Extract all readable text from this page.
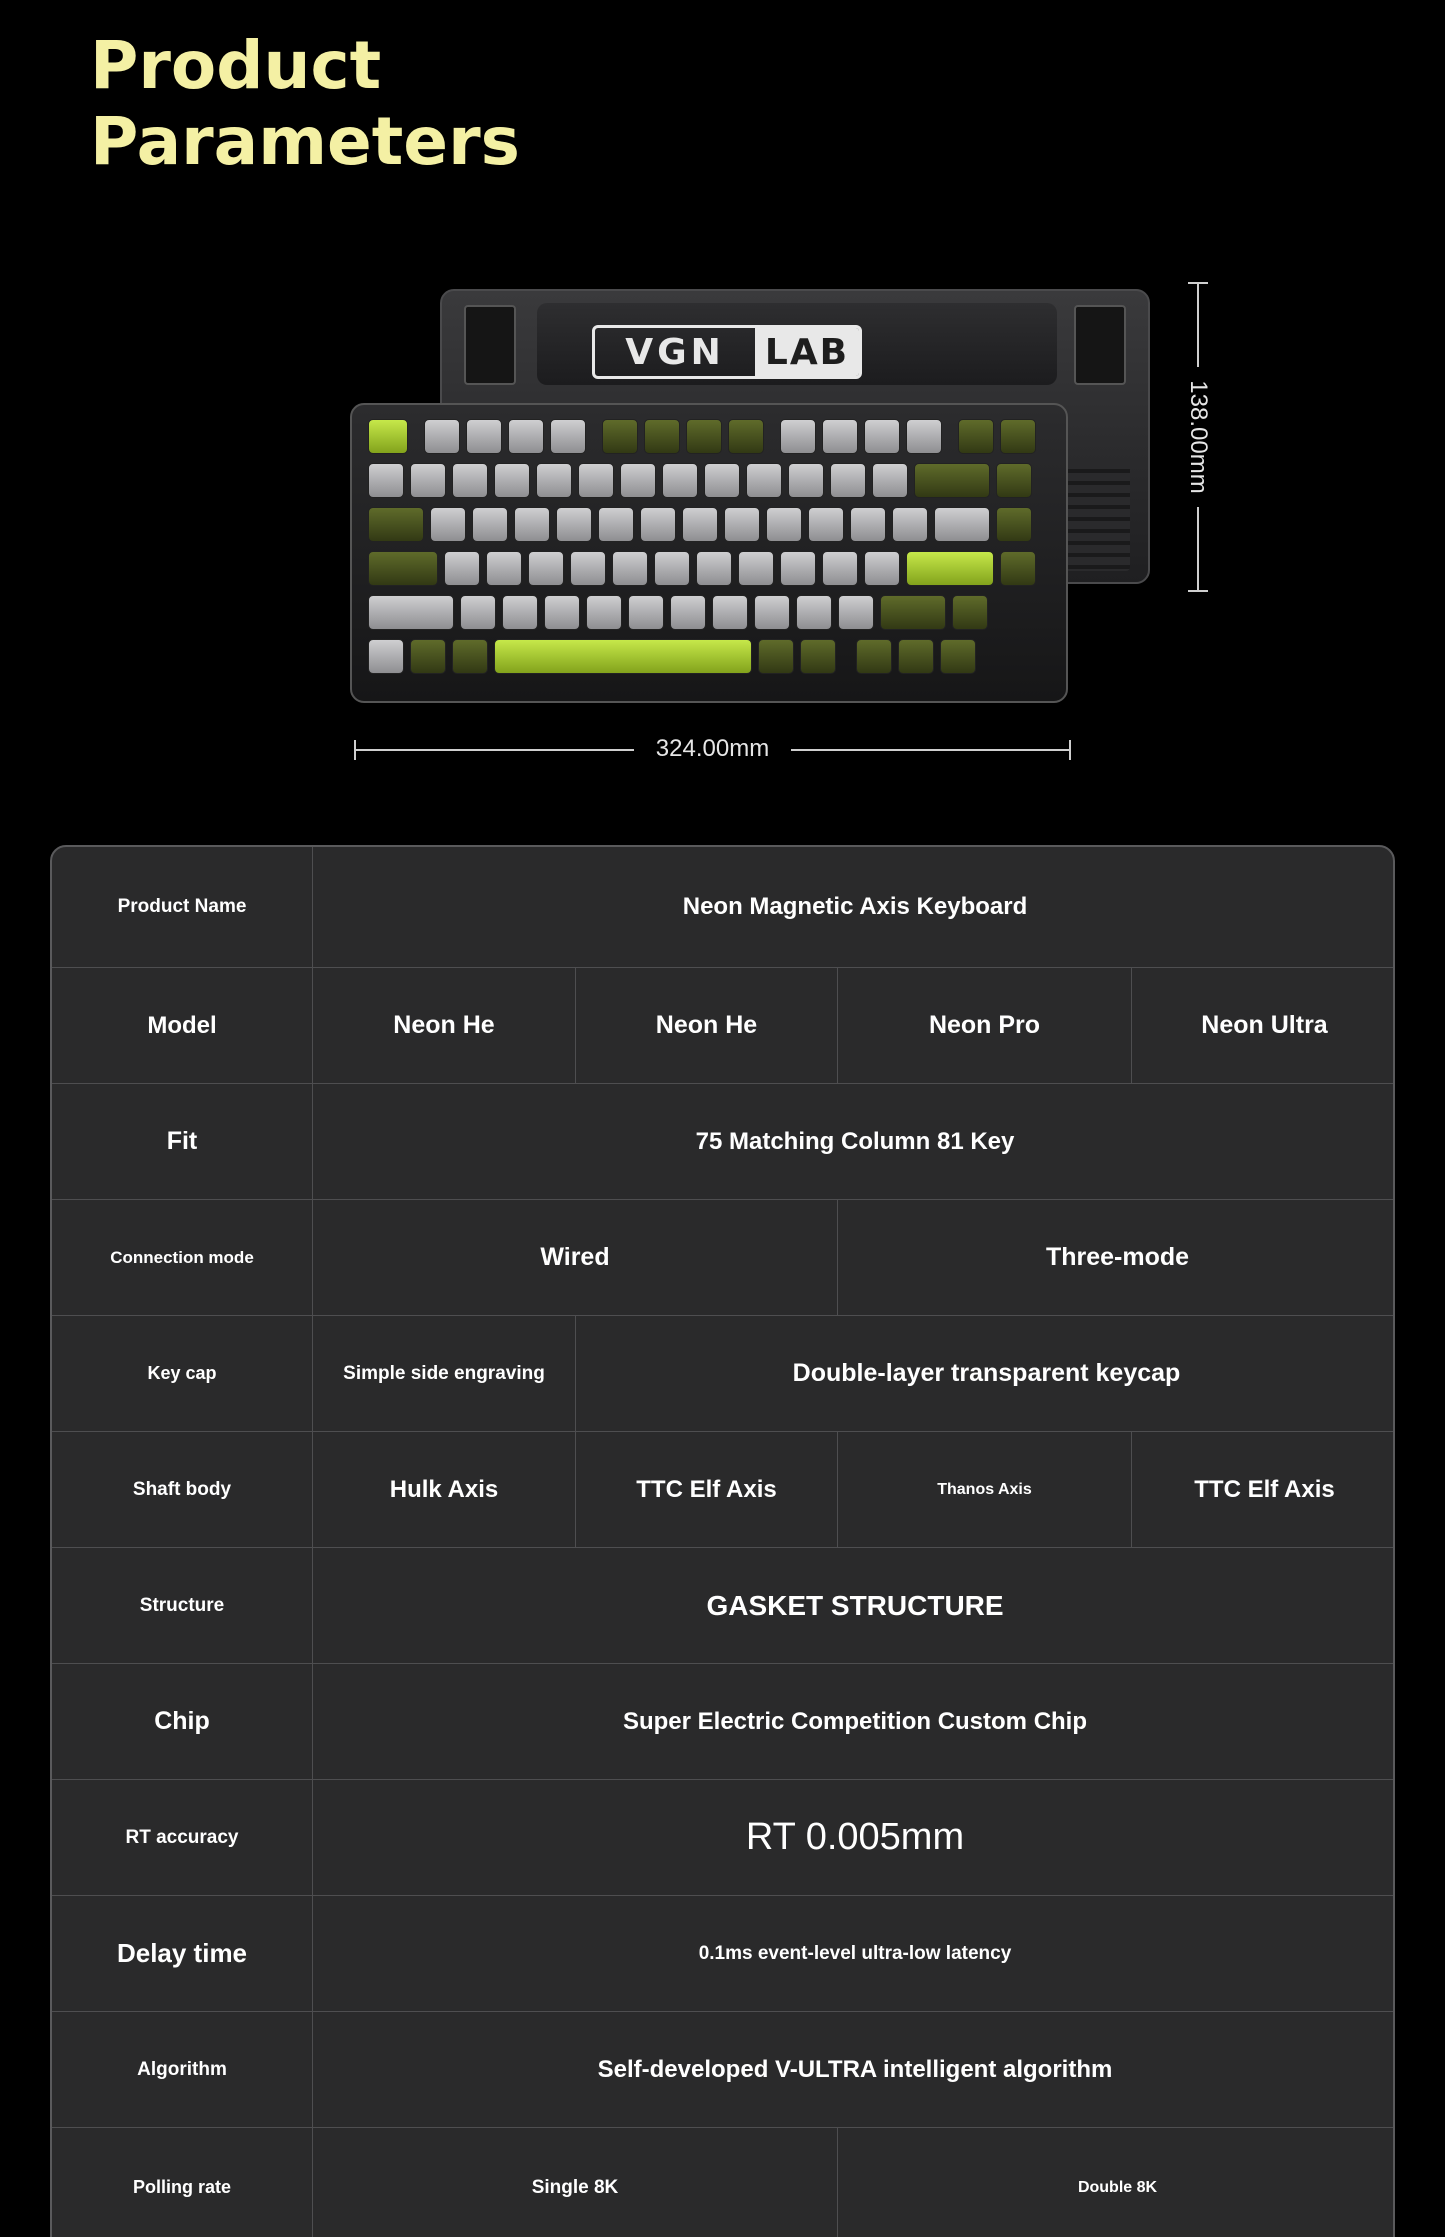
Product
Parameters
VGN	LAB
324.00mm
138.00mm
Product Name	Neon Magnetic Axis Keyboard
Model	Neon He	Neon He	Neon Pro	Neon Ultra
Fit	75 Matching Column 81 Key
Connection mode	Wired	Three-mode
Key cap	Simple side engraving	Double-layer transparent keycap
Shaft body	Hulk Axis	TTC Elf Axis	Thanos Axis	TTC Elf Axis
Structure	GASKET STRUCTURE
Chip	Super Electric Competition Custom Chip
RT accuracy	RT 0.005mm
Delay time	0.1ms event-level ultra-low latency
Algorithm	Self-developed V-ULTRA intelligent algorithm
Polling rate	Single 8K	Double 8K
